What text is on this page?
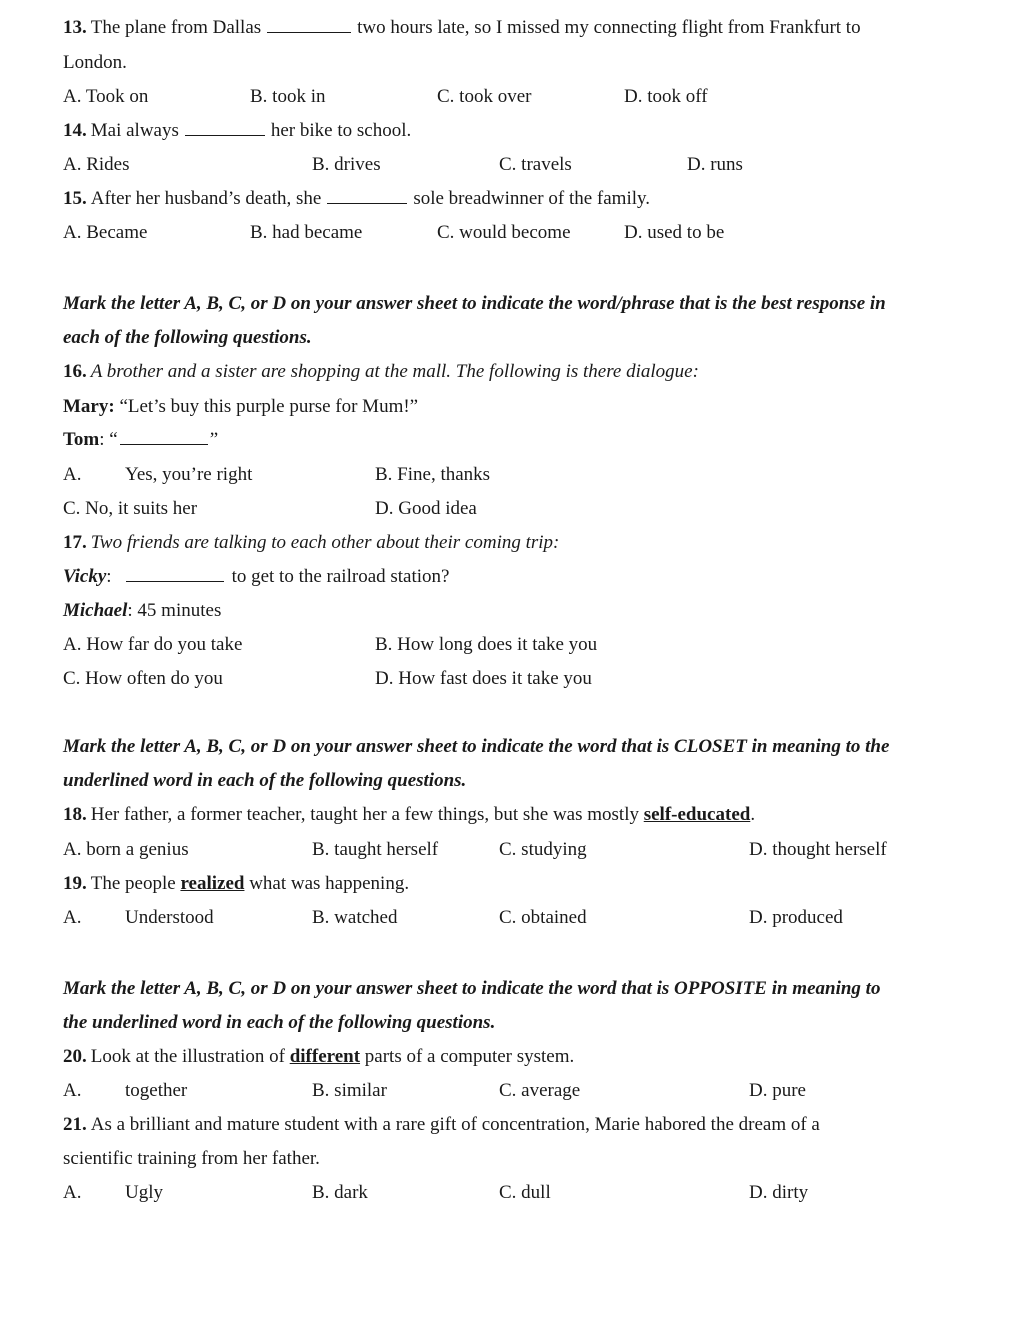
13. The plane from Dallas	two hours late, so I missed my connecting flight from Frankfurt to
London.
A. Took on	B. took in	C. took over	D. took off
14. Mai always	her bike to school.
A. Rides	B. drives	C. travels	D. runs
15. After her husband’s death, she	sole breadwinner of the family.
A. Became	B. had became	C. would become	D. used to be
Mark the letter A, B, C, or D on your answer sheet to indicate the word/phrase that is the best response in
each of the following questions.
16. A brother and a sister are shopping at the mall. The following is there dialogue:
Mary: “Let’s buy this purple purse for Mum!”
Tom: “	”
A. Yes, you’re right	B. Fine, thanks
C. No, it suits her	D. Good idea
17. Two friends are talking to each other about their coming trip:
Vicky:	to get to the railroad station?
Michael: 45 minutes
A. How far do you take	B. How long does it take you
C. How often do you	D. How fast does it take you
Mark the letter A, B, C, or D on your answer sheet to indicate the word that is CLOSET in meaning to the
underlined word in each of the following questions.
18. Her father, a former teacher, taught her a few things, but she was mostly self-educated.
A. born a genius	B. taught herself	C. studying	D. thought herself
19. The people realized what was happening.
A. Understood	B. watched	C. obtained	D. produced
Mark the letter A, B, C, or D on your answer sheet to indicate the word that is OPPOSITE in meaning to
the underlined word in each of the following questions.
20. Look at the illustration of different parts of a computer system.
A. together	B. similar	C. average	D. pure
21. As a brilliant and mature student with a rare gift of concentration, Marie habored the dream of a
scientific training from her father.
A. Ugly	B. dark	C. dull	D. dirty
